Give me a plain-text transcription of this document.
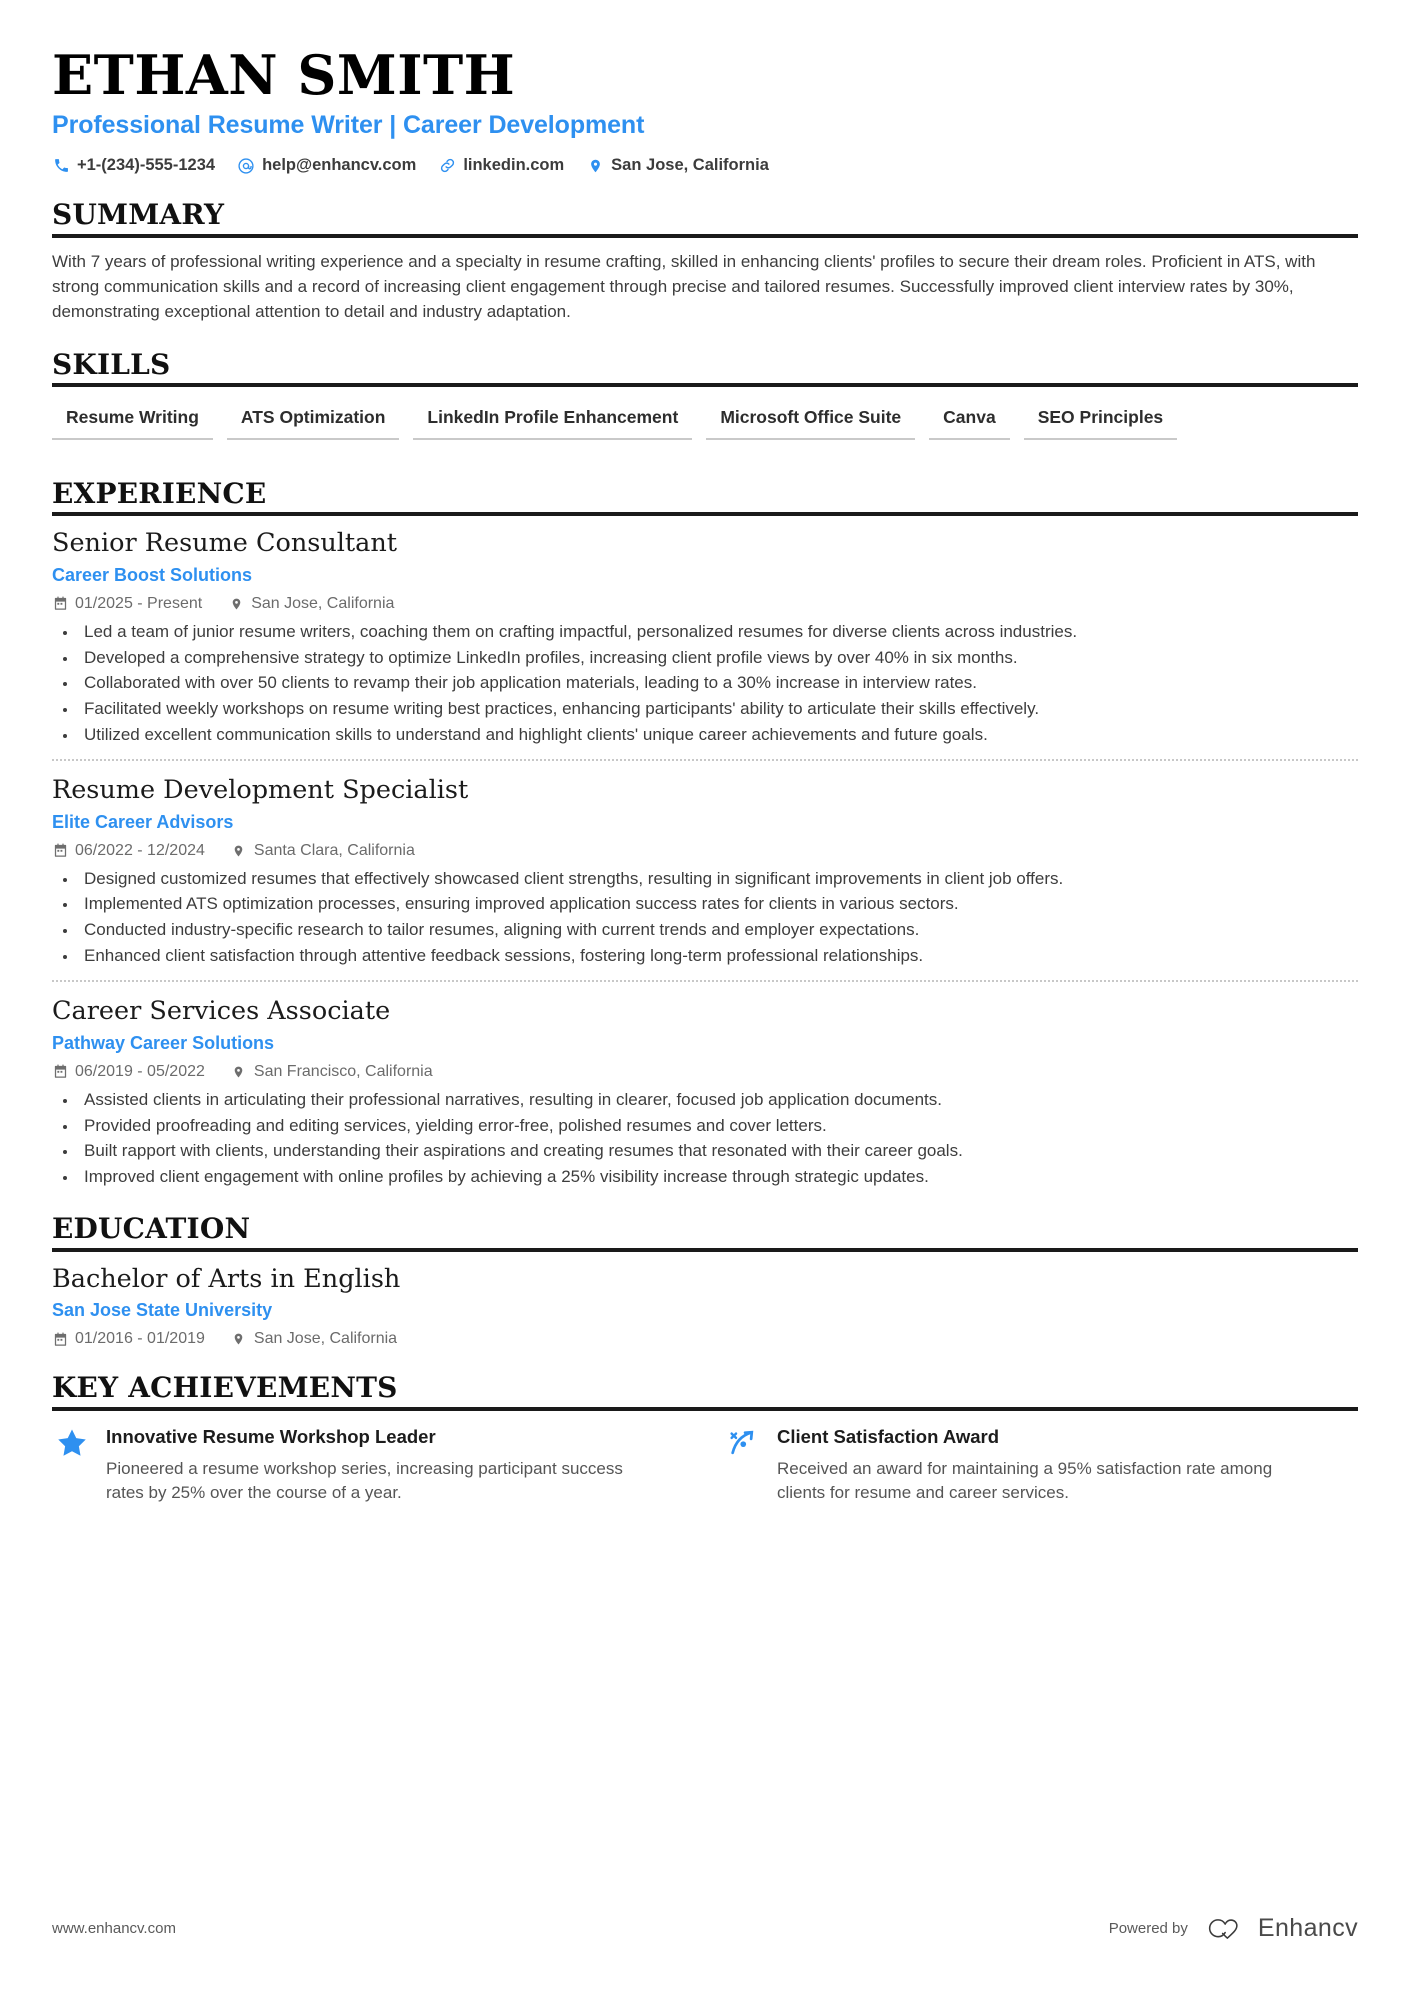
ETHAN SMITH
Professional Resume Writer | Career Development
+1-(234)-555-1234	help@enhancv.com	linkedin.com	San Jose, California
SUMMARY

With 7 years of professional writing experience and a specialty in resume crafting, skilled in enhancing clients' profiles to secure their dream roles. Proficient in ATS, with strong communication skills and a record of increasing client engagement through precise and tailored resumes. Successfully improved client interview rates by 30%, demonstrating exceptional attention to detail and industry adaptation.

SKILLS
Resume Writing	ATS Optimization	LinkedIn Profile Enhancement	Microsoft Office Suite	Canva	SEO Principles
EXPERIENCE
Senior Resume Consultant
Career Boost Solutions
01/2025 - Present	San Jose, California
• Led a team of junior resume writers, coaching them on crafting impactful, personalized resumes for diverse clients across industries.
• Developed a comprehensive strategy to optimize LinkedIn profiles, increasing client profile views by over 40% in six months.
• Collaborated with over 50 clients to revamp their job application materials, leading to a 30% increase in interview rates.
• Facilitated weekly workshops on resume writing best practices, enhancing participants' ability to articulate their skills effectively.
• Utilized excellent communication skills to understand and highlight clients' unique career achievements and future goals.
Resume Development Specialist
Elite Career Advisors
06/2022 - 12/2024	Santa Clara, California
• Designed customized resumes that effectively showcased client strengths, resulting in significant improvements in client job offers.
• Implemented ATS optimization processes, ensuring improved application success rates for clients in various sectors.
• Conducted industry-specific research to tailor resumes, aligning with current trends and employer expectations.
• Enhanced client satisfaction through attentive feedback sessions, fostering long-term professional relationships.
Career Services Associate
Pathway Career Solutions
06/2019 - 05/2022	San Francisco, California
• Assisted clients in articulating their professional narratives, resulting in clearer, focused job application documents.
• Provided proofreading and editing services, yielding error-free, polished resumes and cover letters.
• Built rapport with clients, understanding their aspirations and creating resumes that resonated with their career goals.
• Improved client engagement with online profiles by achieving a 25% visibility increase through strategic updates.
EDUCATION
Bachelor of Arts in English
San Jose State University
01/2016 - 01/2019	San Jose, California
KEY ACHIEVEMENTS
Innovative Resume Workshop Leader
Pioneered a resume workshop series, increasing participant success rates by 25% over the course of a year.
Client Satisfaction Award
Received an award for maintaining a 95% satisfaction rate among clients for resume and career services.
www.enhancv.com	Powered by	Enhancv
